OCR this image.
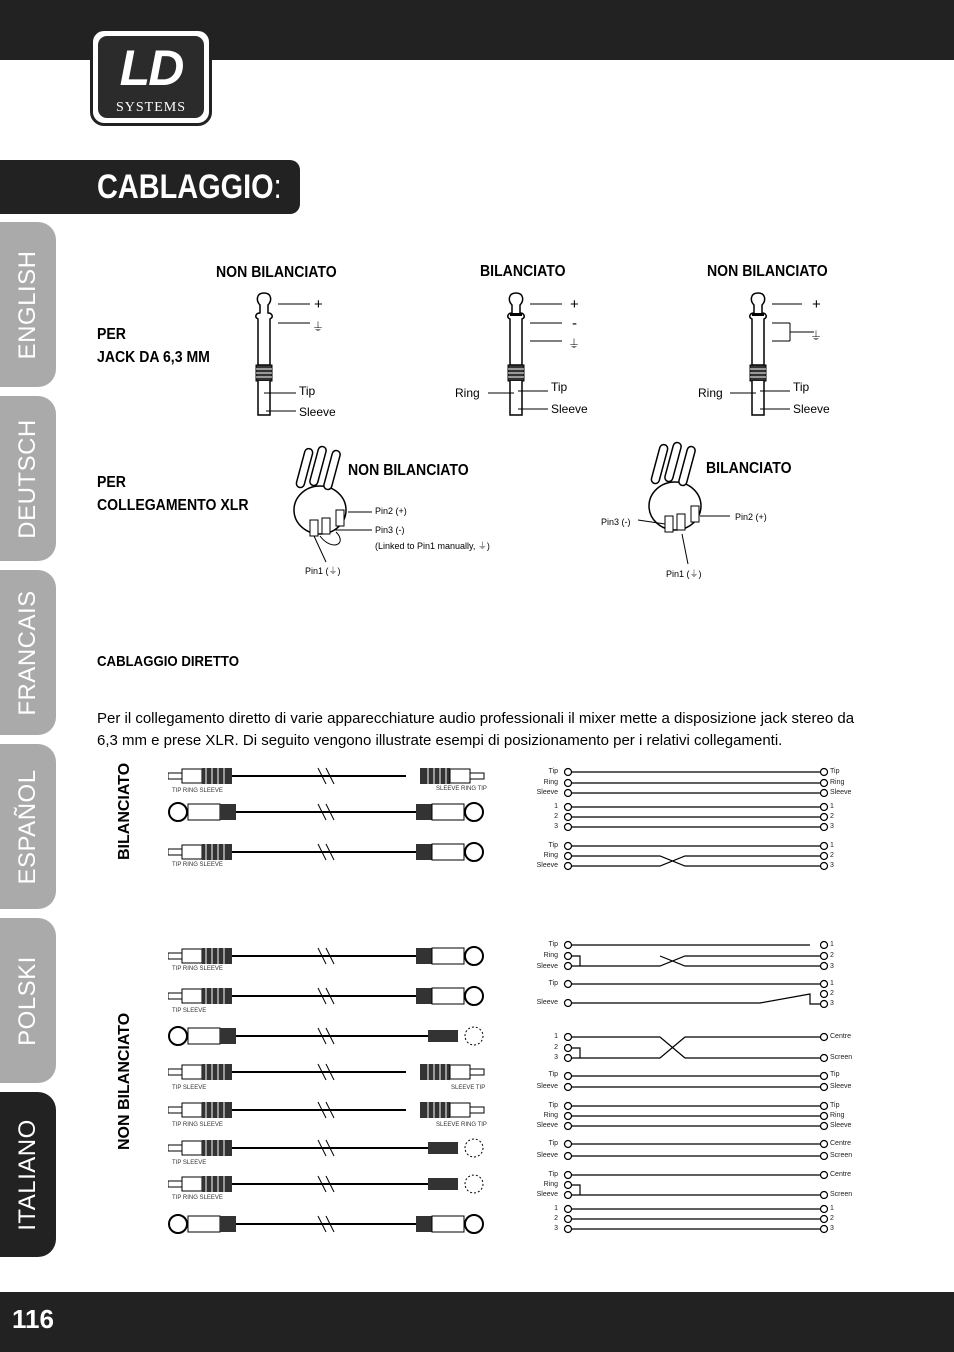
LD
SYSTEMS
CABLAGGIO:
ENGLISH
DEUTSCH
FRANCAIS
ESPAÑOL
POLSKI
ITALIANO
PER
JACK DA 6,3 MM
NON BILANCIATO	BILANCIATO	NON BILANCIATO
+
⏚
Tip
Sleeve
+
-
⏚
Ring	Tip
Sleeve
+
⏚
Ring	Tip
Sleeve
PER
COLLEGAMENTO XLR
NON BILANCIATO	BILANCIATO
Pin2 (+)
Pin3 (-)
(Linked to Pin1 manually, ⏚)
Pin1 (⏚)
Pin2 (+)
Pin3 (-)
Pin1 (⏚)
CABLAGGIO DIRETTO
Per il collegamento diretto di varie apparecchiature audio professionali il mixer mette a disposizione jack stereo da 6,3 mm e prese XLR. Di seguito vengono illustrate esempi di posizionamento per i relativi collegamenti.
BILANCIATO
NON BILANCIATO
TIP RING SLEEVE	SLEEVE RING TIP
TIP RING SLEEVE
TIP RING SLEEVE
TIP SLEEVE
TIP SLEEVE	SLEEVE TIP
TIP RING SLEEVE	SLEEVE RING TIP
TIP SLEEVE
TIP RING SLEEVE
Tip
Ring
Sleeve
Tip
Ring
Sleeve
1
2
3
1
2
3
Tip
Ring
Sleeve
1
2
3
Tip
Ring
Sleeve
1
2
3
Tip
Sleeve
1
2
3
1
2
3
Centre
Screen
Tip
Sleeve
Tip
Sleeve
Tip
Ring
Sleeve
Tip
Ring
Sleeve
Tip
Sleeve
Centre
Screen
Tip
Ring
Sleeve
Centre
Screen
1
2
3
1
2
3
116
